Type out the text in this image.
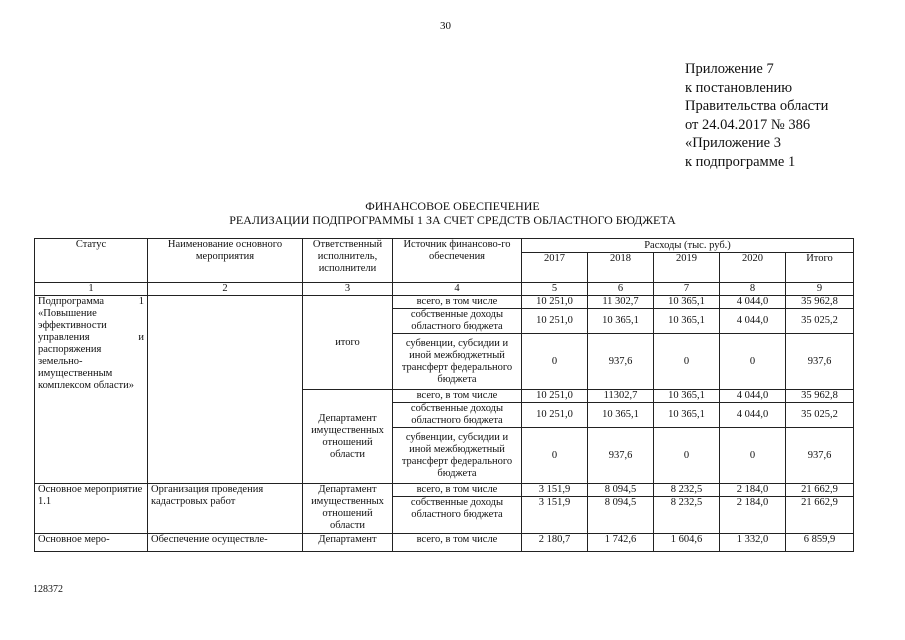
30
Приложение 7
к постановлению
Правительства области
от 24.04.2017 № 386
«Приложение 3
к подпрограмме 1
ФИНАНСОВОЕ ОБЕСПЕЧЕНИЕ
РЕАЛИЗАЦИИ ПОДПРОГРАММЫ 1 ЗА СЧЕТ СРЕДСТВ ОБЛАСТНОГО БЮДЖЕТА
Статус	Наименование основного мероприятия	Ответственный исполнитель, исполнители	Источник финансово-го обеспечения	Расходы (тыс. руб.)				
				2017	2018	2019	2020	Итого
1	2	3	4	5	6	7	8	9
Подпрограмма 1 «Повышение эффективности управления и распоряжения земельно-имущественным комплексом области»		итого	всего, в том числе	10 251,0	11 302,7	10 365,1	4 044,0	35 962,8
			собственные доходы областного бюджета	10 251,0	10 365,1	10 365,1	4 044,0	35 025,2
			субвенции, субсидии и иной межбюджетный трансферт федерального бюджета	0	937,6	0	0	937,6
		Департамент имущественных отношений области	всего, в том числе	10 251,0	11302,7	10 365,1	4 044,0	35 962,8
			собственные доходы областного бюджета	10 251,0	10 365,1	10 365,1	4 044,0	35 025,2
			субвенции, субсидии и иной межбюджетный трансферт федерального бюджета	0	937,6	0	0	937,6
Основное мероприятие 1.1	Организация проведения кадастровых работ	Департамент имущественных отношений области	всего, в том числе	3 151,9	8 094,5	8 232,5	2 184,0	21 662,9
			собственные доходы областного бюджета	3 151,9	8 094,5	8 232,5	2 184,0	21 662,9
Основное меро-	Обеспечение осуществле-	Департамент	всего, в том числе	2 180,7	1 742,6	1 604,6	1 332,0	6 859,9
128372
